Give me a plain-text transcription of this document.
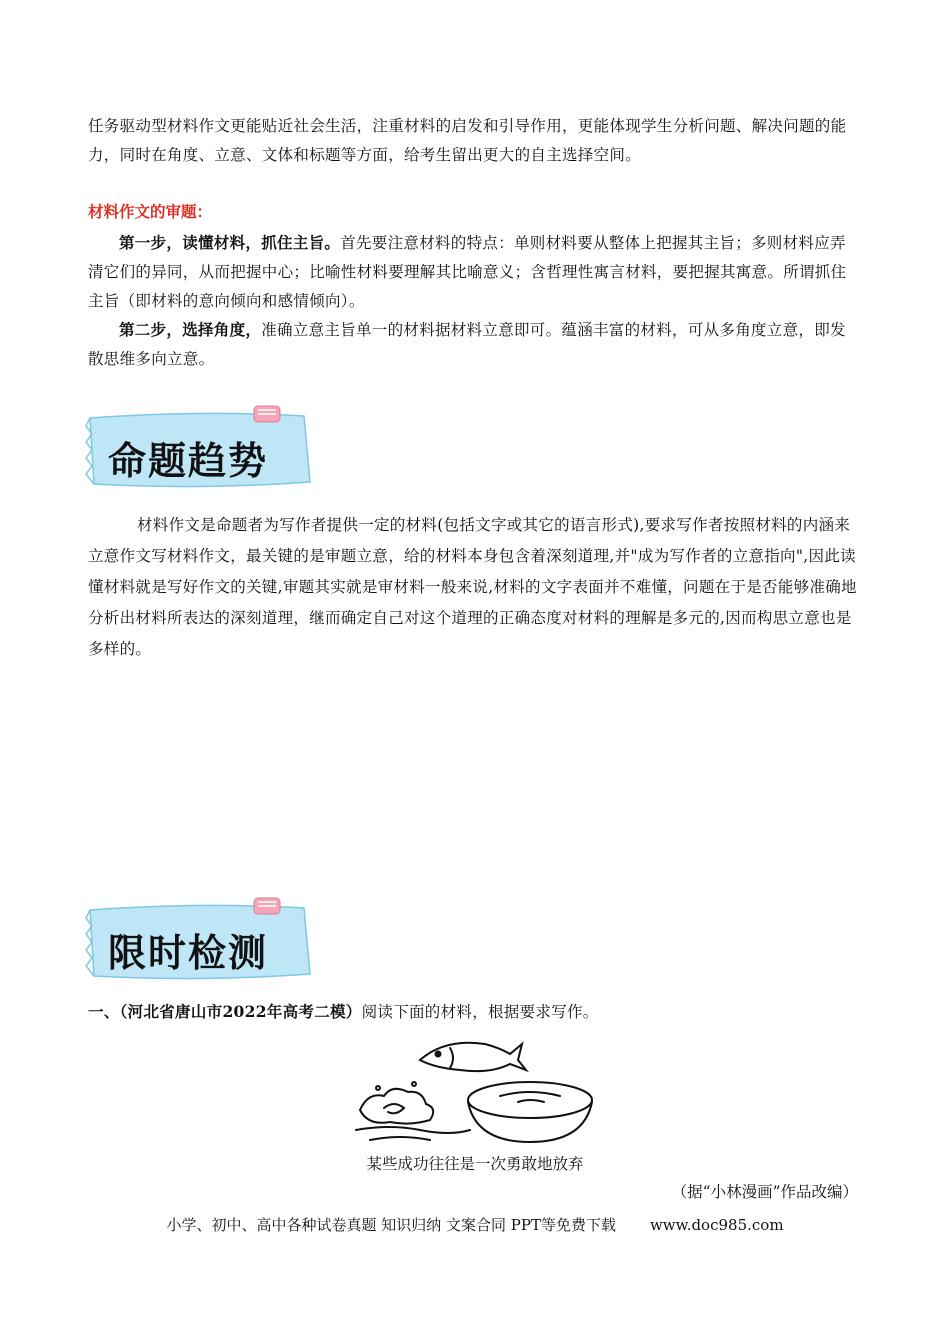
任务驱动型材料作文更能贴近社会生活，注重材料的启发和引导作用，更能体现学生分析问题、解决问题的能力，同时在角度、立意、文体和标题等方面，给考生留出更大的自主选择空间。

材料作文的审题：

第一步，读懂材料，抓住主旨。首先要注意材料的特点：单则材料要从整体上把握其主旨；多则材料应弄清它们的异同，从而把握中心；比喻性材料要理解其比喻意义；含哲理性寓言材料，要把握其寓意。所谓抓住主旨（即材料的意向倾向和感情倾向）。

第二步，选择角度，准确立意主旨单一的材料据材料立意即可。蕴涵丰富的材料，可从多角度立意，即发散思维多向立意。

命题趋势

材料作文是命题者为写作者提供一定的材料(包括文字或其它的语言形式),要求写作者按照材料的内涵来立意作文写材料作文，最关键的是审题立意，给的材料本身包含着深刻道理,并"成为写作者的立意指向",因此读懂材料就是写好作文的关键,审题其实就是审材料一般来说,材料的文字表面并不难懂，问题在于是否能够准确地分析出材料所表达的深刻道理，继而确定自己对这个道理的正确态度对材料的理解是多元的,因而构思立意也是多样的。

限时检测

一、（河北省唐山市2022年高考二模）阅读下面的材料，根据要求写作。

某些成功往往是一次勇敢地放弃
（据“小林漫画”作品改编）
小学、初中、高中各种试卷真题 知识归纳 文案合同 PPT等免费下载 www.doc985.com
